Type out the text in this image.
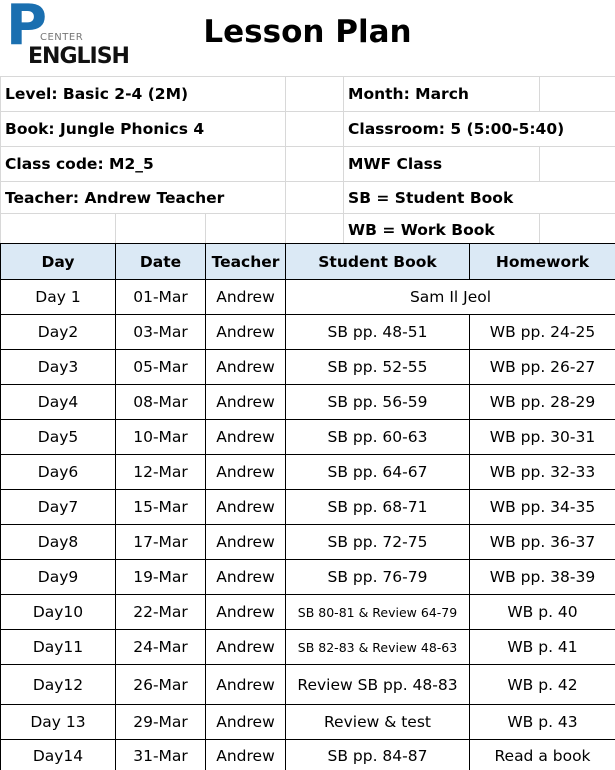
P
CENTER
ENGLISH
Lesson Plan
Level: Basic 2-4 (2M)				Month: March	
Book: Jungle Phonics 4				Classroom: 5 (5:00-5:40)	
Class code: M2_5				MWF Class	
Teacher: Andrew Teacher				SB = Student Book	
				WB = Work Book	
Day	Date	Teacher	Student Book	Homework
Day 1	01-Mar	Andrew	Sam Il Jeol	
Day2	03-Mar	Andrew	SB pp. 48-51	WB pp. 24-25
Day3	05-Mar	Andrew	SB pp. 52-55	WB pp. 26-27
Day4	08-Mar	Andrew	SB pp. 56-59	WB pp. 28-29
Day5	10-Mar	Andrew	SB pp. 60-63	WB pp. 30-31
Day6	12-Mar	Andrew	SB pp. 64-67	WB pp. 32-33
Day7	15-Mar	Andrew	SB pp. 68-71	WB pp. 34-35
Day8	17-Mar	Andrew	SB pp. 72-75	WB pp. 36-37
Day9	19-Mar	Andrew	SB pp. 76-79	WB pp. 38-39
Day10	22-Mar	Andrew	SB 80-81 & Review 64-79	WB p. 40
Day11	24-Mar	Andrew	SB 82-83 & Review 48-63	WB p. 41
Day12	26-Mar	Andrew	Review SB pp. 48-83	WB p. 42
Day 13	29-Mar	Andrew	Review & test	WB p. 43
Day14	31-Mar	Andrew	SB pp. 84-87	Read a book
